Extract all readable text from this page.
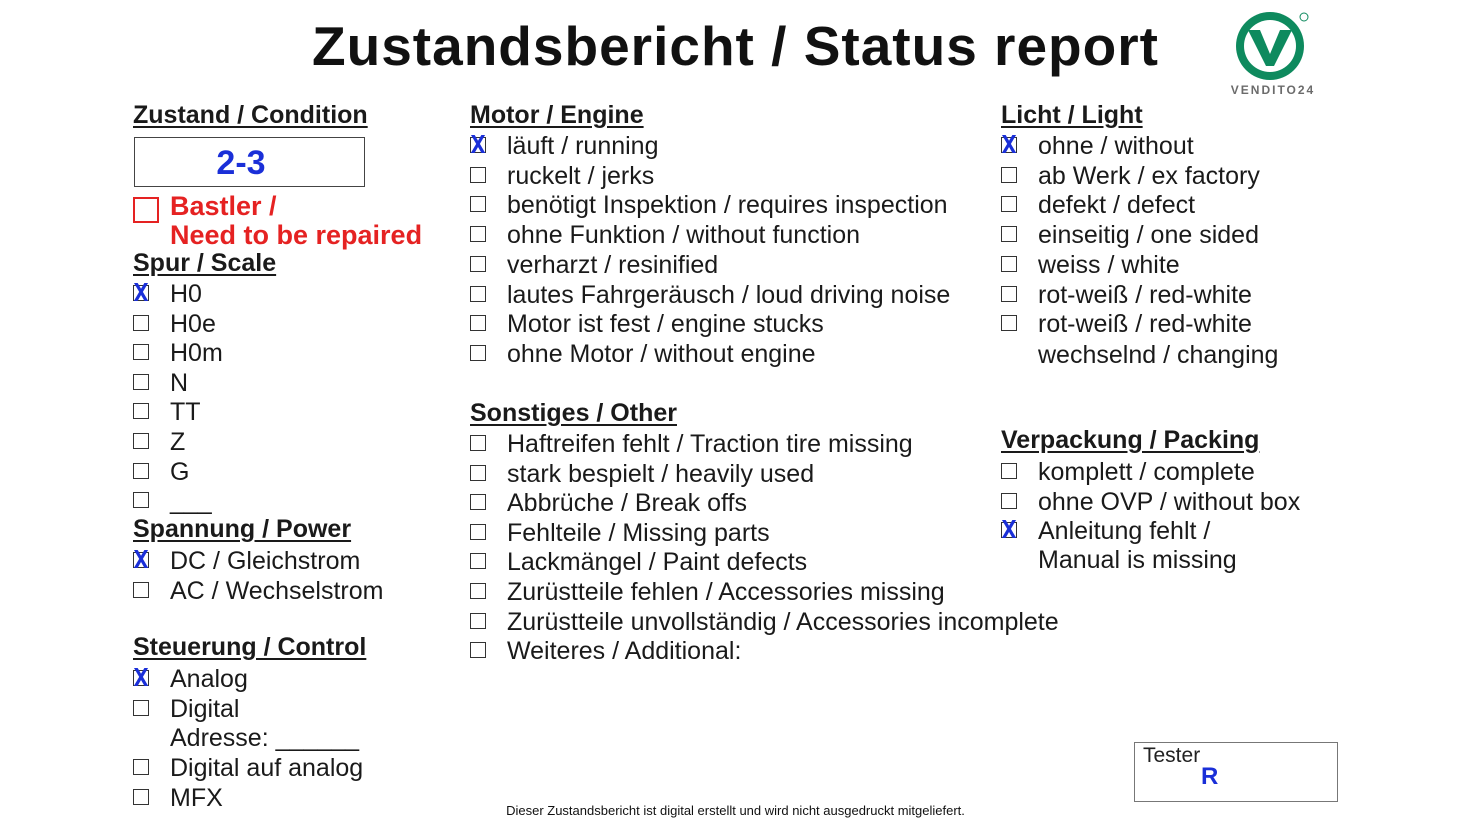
Zustandsbericht / Status report
VENDITO24
Zustand / Condition
2-3
Bastler /
Need to be repaired
Spur / Scale
X H0
H0e
H0m
N
TT
Z
G
___
Spannung / Power
X DC / Gleichstrom
AC / Wechselstrom
Steuerung / Control
X Analog
Digital
Digital auf analog
MFX
Adresse: ______
Motor / Engine
X läuft / running
ruckelt / jerks
benötigt Inspektion / requires inspection
ohne Funktion / without function
verharzt / resinified
lautes Fahrgeräusch / loud driving noise
Motor ist fest / engine stucks
ohne Motor / without engine
Sonstiges / Other
Haftreifen fehlt / Traction tire missing
stark bespielt / heavily used
Abbrüche / Break offs
Fehlteile / Missing parts
Lackmängel / Paint defects
Zurüstteile fehlen / Accessories missing
Zurüstteile unvollständig / Accessories incomplete
Weiteres / Additional:
Licht / Light
X ohne / without
ab Werk / ex factory
defekt / defect
einseitig / one sided
weiss / white
rot-weiß / red-white
rot-weiß / red-white
wechselnd / changing
Verpackung / Packing
komplett / complete
ohne OVP / without box
X Anleitung fehlt /
Manual is missing
Tester
R
Dieser Zustandsbericht ist digital erstellt und wird nicht ausgedruckt mitgeliefert.
